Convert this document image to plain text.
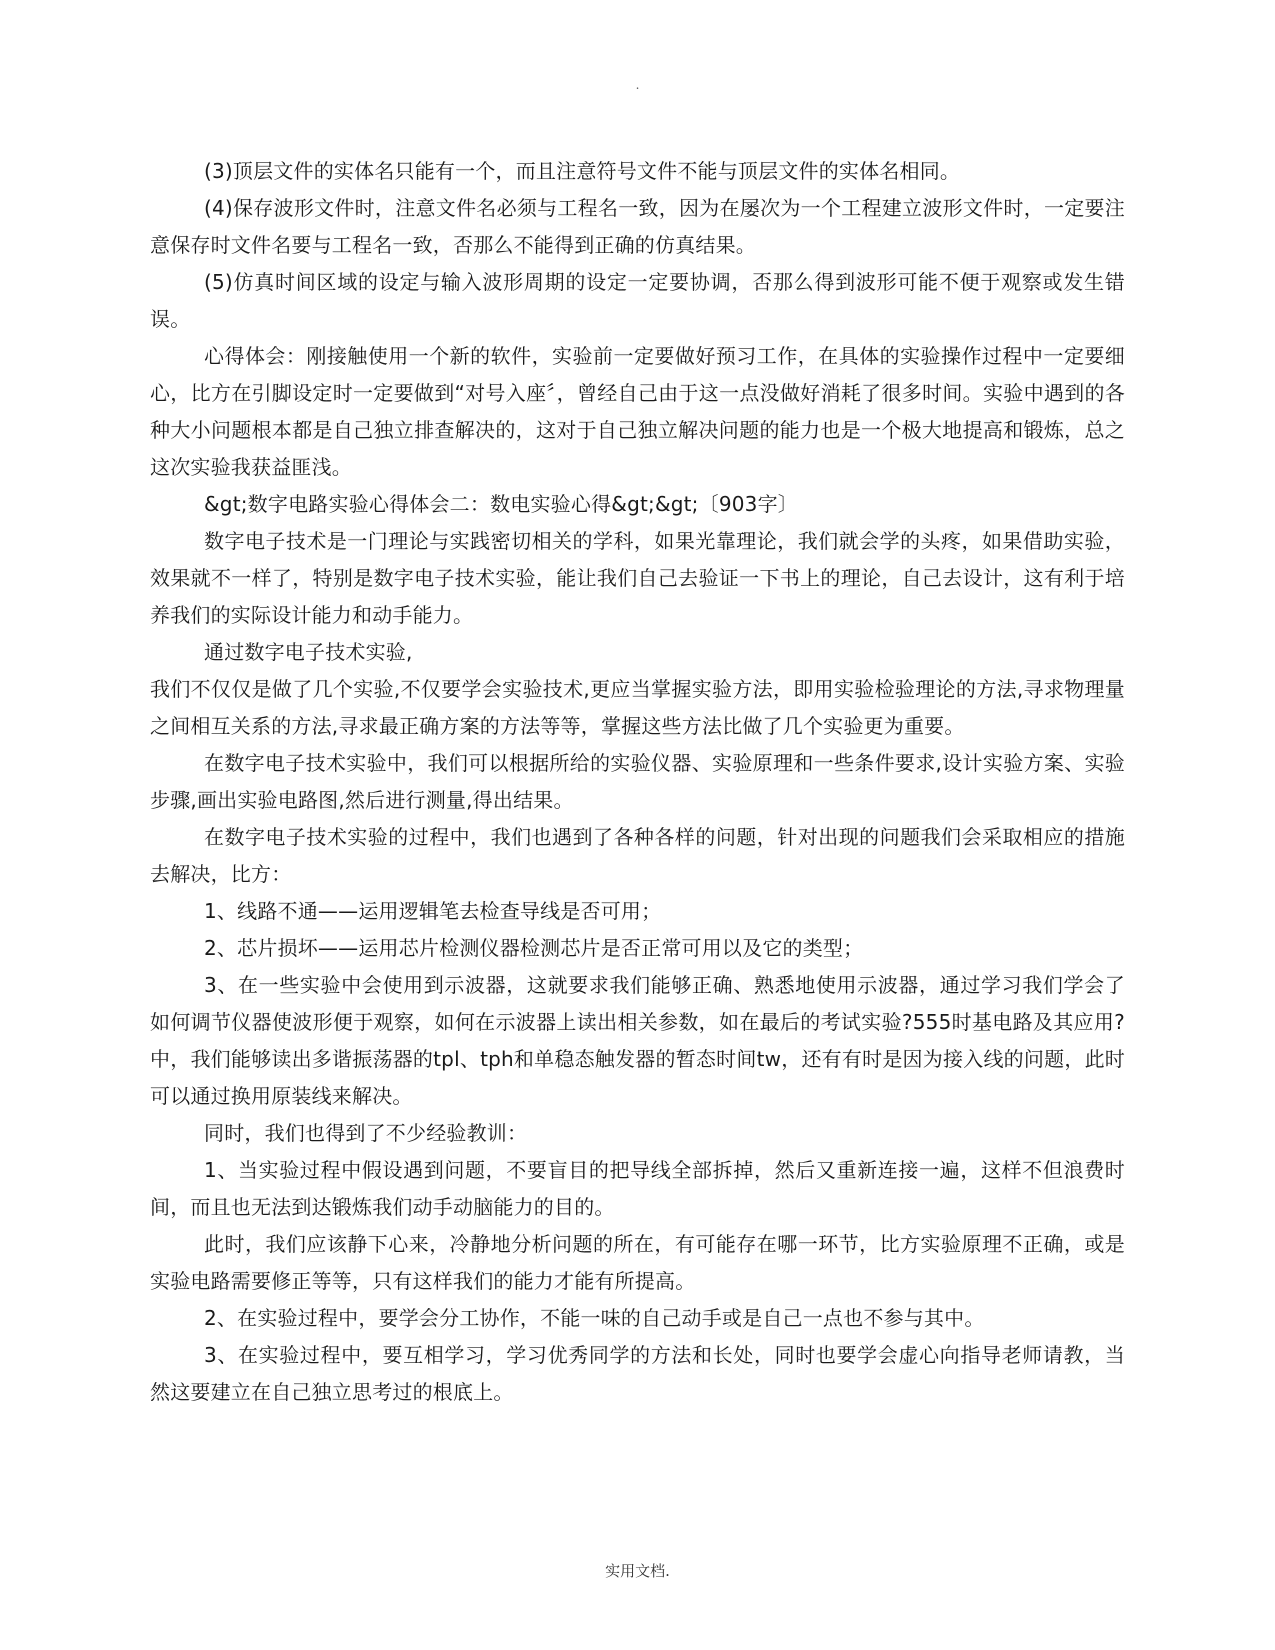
.

(3)顶层文件的实体名只能有一个，而且注意符号文件不能与顶层文件的实体名相同。

(4)保存波形文件时，注意文件名必须与工程名一致，因为在屡次为一个工程建立波形文件时，一定要注意保存时文件名要与工程名一致，否那么不能得到正确的仿真结果。

(5)仿真时间区域的设定与输入波形周期的设定一定要协调，否那么得到波形可能不便于观察或发生错误。

心得体会：刚接触使用一个新的软件，实验前一定要做好预习工作，在具体的实验操作过程中一定要细心，比方在引脚设定时一定要做到“对号入座〞，曾经自己由于这一点没做好消耗了很多时间。实验中遇到的各种大小问题根本都是自己独立排查解决的，这对于自己独立解决问题的能力也是一个极大地提高和锻炼，总之这次实验我获益匪浅。

&gt;数字电路实验心得体会二：数电实验心得&gt;&gt;〔903字〕

数字电子技术是一门理论与实践密切相关的学科，如果光靠理论，我们就会学的头疼，如果借助实验，效果就不一样了，特别是数字电子技术实验，能让我们自己去验证一下书上的理论，自己去设计，这有利于培养我们的实际设计能力和动手能力。

通过数字电子技术实验,

我们不仅仅是做了几个实验,不仅要学会实验技术,更应当掌握实验方法，即用实验检验理论的方法,寻求物理量之间相互关系的方法,寻求最正确方案的方法等等，掌握这些方法比做了几个实验更为重要。

在数字电子技术实验中，我们可以根据所给的实验仪器、实验原理和一些条件要求,设计实验方案、实验步骤,画出实验电路图,然后进行测量,得出结果。

在数字电子技术实验的过程中，我们也遇到了各种各样的问题，针对出现的问题我们会采取相应的措施去解决，比方：

1、线路不通——运用逻辑笔去检查导线是否可用；

2、芯片损坏——运用芯片检测仪器检测芯片是否正常可用以及它的类型；

3、在一些实验中会使用到示波器，这就要求我们能够正确、熟悉地使用示波器，通过学习我们学会了如何调节仪器使波形便于观察，如何在示波器上读出相关参数，如在最后的考试实验?555时基电路及其应用?中，我们能够读出多谐振荡器的tpl、tph和单稳态触发器的暂态时间tw，还有有时是因为接入线的问题，此时可以通过换用原装线来解决。

同时，我们也得到了不少经验教训：

1、当实验过程中假设遇到问题，不要盲目的把导线全部拆掉，然后又重新连接一遍，这样不但浪费时间，而且也无法到达锻炼我们动手动脑能力的目的。

此时，我们应该静下心来，冷静地分析问题的所在，有可能存在哪一环节，比方实验原理不正确，或是实验电路需要修正等等，只有这样我们的能力才能有所提高。

2、在实验过程中，要学会分工协作，不能一味的自己动手或是自己一点也不参与其中。

3、在实验过程中，要互相学习，学习优秀同学的方法和长处，同时也要学会虚心向指导老师请教，当然这要建立在自己独立思考过的根底上。

实用文档.
